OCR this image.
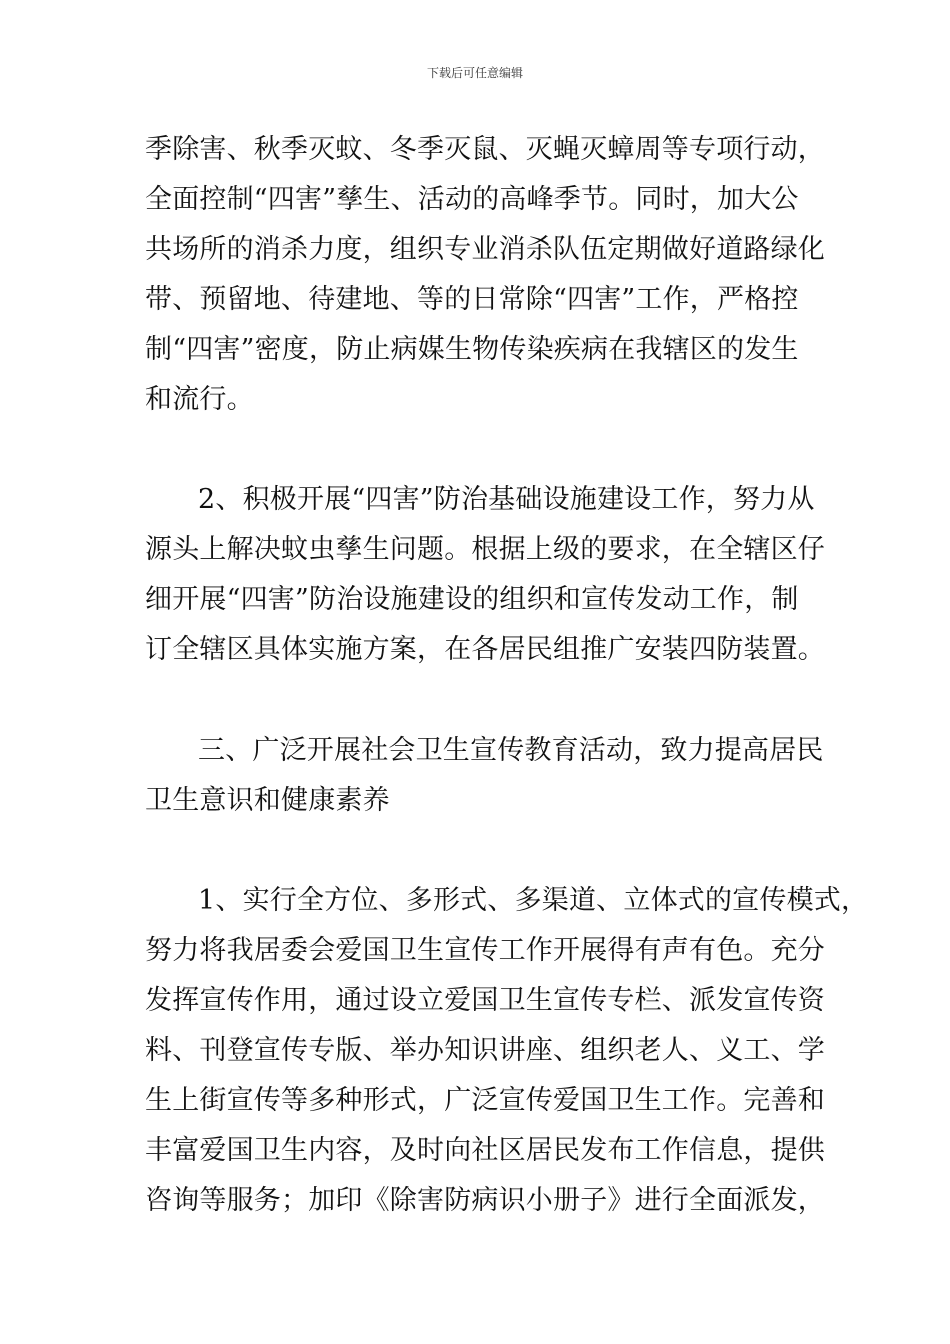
下载后可任意编辑
季除害、秋季灭蚊、冬季灭鼠、灭蝇灭蟑周等专项行动，
全面控制“四害”孳生、活动的高峰季节。同时，加大公
共场所的消杀力度，组织专业消杀队伍定期做好道路绿化
带、预留地、待建地、等的日常除“四害”工作，严格控
制“四害”密度，防止病媒生物传染疾病在我辖区的发生
和流行。
2、积极开展“四害”防治基础设施建设工作，努力从
源头上解决蚊虫孳生问题。根据上级的要求，在全辖区仔
细开展“四害”防治设施建设的组织和宣传发动工作，制
订全辖区具体实施方案，在各居民组推广安装四防装置。
三、广泛开展社会卫生宣传教育活动，致力提高居民
卫生意识和健康素养
1、实行全方位、多形式、多渠道、立体式的宣传模式，
努力将我居委会爱国卫生宣传工作开展得有声有色。充分
发挥宣传作用，通过设立爱国卫生宣传专栏、派发宣传资
料、刊登宣传专版、举办知识讲座、组织老人、义工、学
生上街宣传等多种形式，广泛宣传爱国卫生工作。完善和
丰富爱国卫生内容，及时向社区居民发布工作信息，提供
咨询等服务；加印《除害防病识小册子》进行全面派发，
